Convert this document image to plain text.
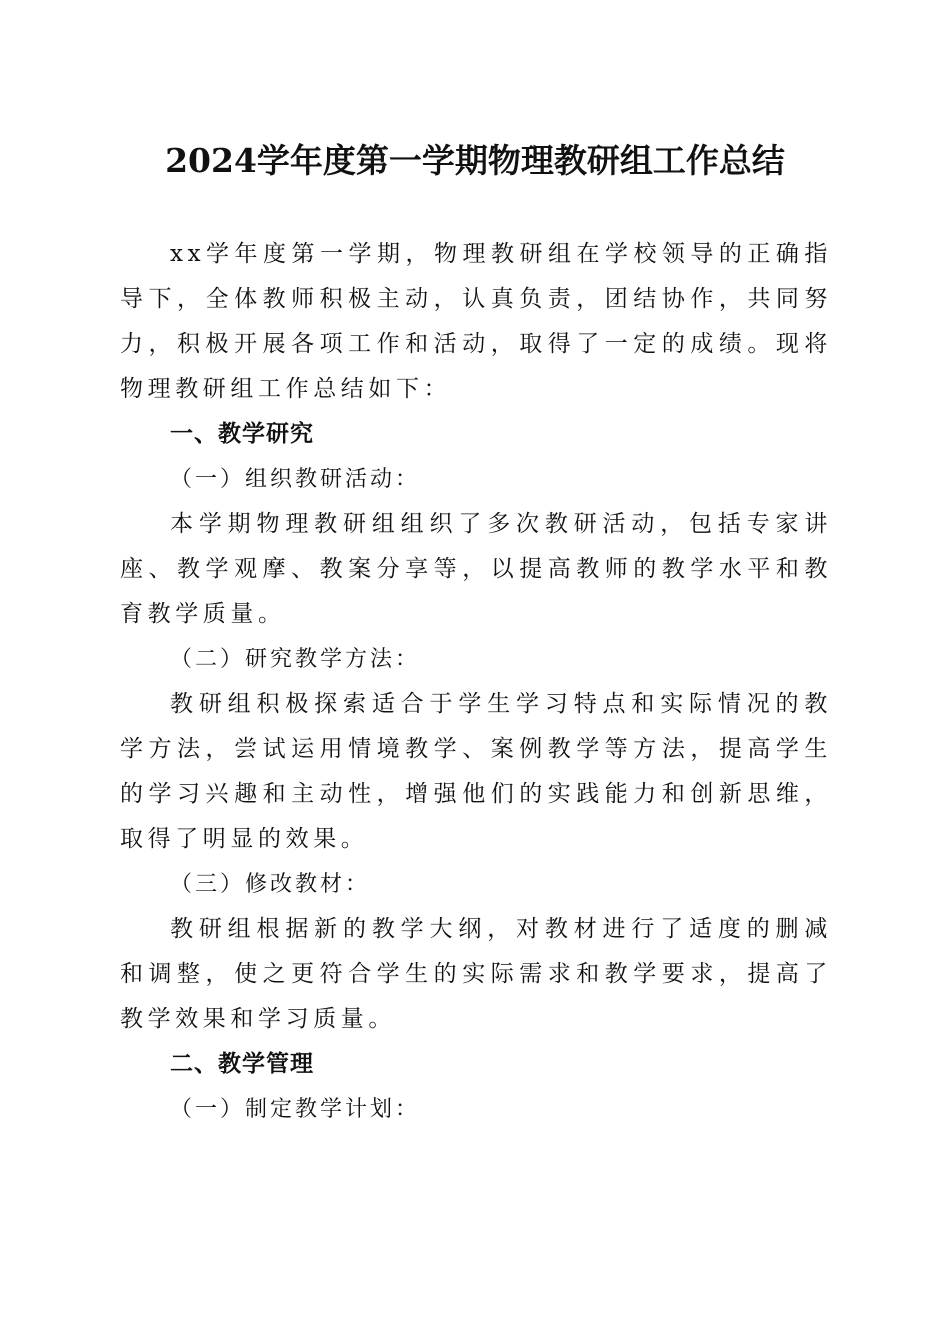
2024学年度第一学期物理教研组工作总结

xx学年度第一学期，物理教研组在学校领导的正确指导下，全体教师积极主动，认真负责，团结协作，共同努力，积极开展各项工作和活动，取得了一定的成绩。现将物理教研组工作总结如下：

一、教学研究

（一）组织教研活动：

本学期物理教研组组织了多次教研活动，包括专家讲座、教学观摩、教案分享等，以提高教师的教学水平和教育教学质量。

（二）研究教学方法：

教研组积极探索适合于学生学习特点和实际情况的教学方法，尝试运用情境教学、案例教学等方法，提高学生的学习兴趣和主动性，增强他们的实践能力和创新思维，取得了明显的效果。

（三）修改教材：

教研组根据新的教学大纲，对教材进行了适度的删减和调整，使之更符合学生的实际需求和教学要求，提高了教学效果和学习质量。

二、教学管理

（一）制定教学计划：
